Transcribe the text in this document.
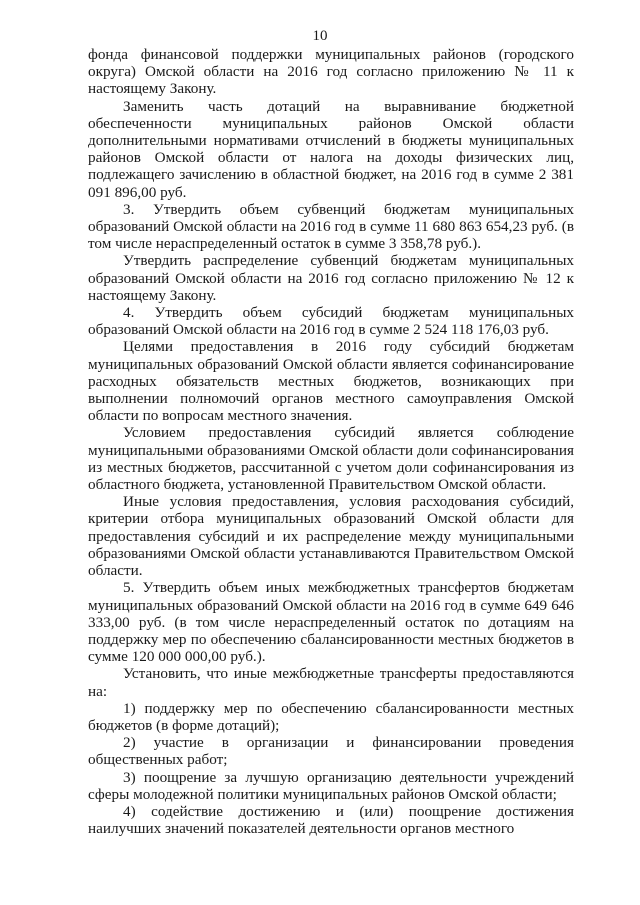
10

фонда финансовой поддержки муниципальных районов (городского округа) Омской области на 2016 год согласно приложению № 11 к настоящему Закону.

Заменить часть дотаций на выравнивание бюджетной обеспеченности муниципальных районов Омской области дополнительными нормативами отчислений в бюджеты муниципальных районов Омской области от налога на доходы физических лиц, подлежащего зачислению в областной бюджет, на 2016 год в сумме 2 381 091 896,00 руб.

3. Утвердить объем субвенций бюджетам муниципальных образований Омской области на 2016 год в сумме 11 680 863 654,23 руб. (в том числе нераспределенный остаток в сумме 3 358,78 руб.).

Утвердить распределение субвенций бюджетам муниципальных образований Омской области на 2016 год согласно приложению № 12 к настоящему Закону.

4. Утвердить объем субсидий бюджетам муниципальных образований Омской области на 2016 год в сумме 2 524 118 176,03 руб.

Целями предоставления в 2016 году субсидий бюджетам муниципальных образований Омской области является софинансирование расходных обязательств местных бюджетов, возникающих при выполнении полномочий органов местного самоуправления Омской области по вопросам местного значения.

Условием предоставления субсидий является соблюдение муниципальными образованиями Омской области доли софинансирования из местных бюджетов, рассчитанной с учетом доли софинансирования из областного бюджета, установленной Правительством Омской области.

Иные условия предоставления, условия расходования субсидий, критерии отбора муниципальных образований Омской области для предоставления субсидий и их распределение между муниципальными образованиями Омской области устанавливаются Правительством Омской области.

5. Утвердить объем иных межбюджетных трансфертов бюджетам муниципальных образований Омской области на 2016 год в сумме 649 646 333,00 руб. (в том числе нераспределенный остаток по дотациям на поддержку мер по обеспечению сбалансированности местных бюджетов в сумме 120 000 000,00 руб.).

Установить, что иные межбюджетные трансферты предоставляются на:

1) поддержку мер по обеспечению сбалансированности местных бюджетов (в форме дотаций);

2) участие в организации и финансировании проведения общественных работ;

3) поощрение за лучшую организацию деятельности учреждений сферы молодежной политики муниципальных районов Омской области;

4) содействие достижению и (или) поощрение достижения наилучших значений показателей деятельности органов местного
